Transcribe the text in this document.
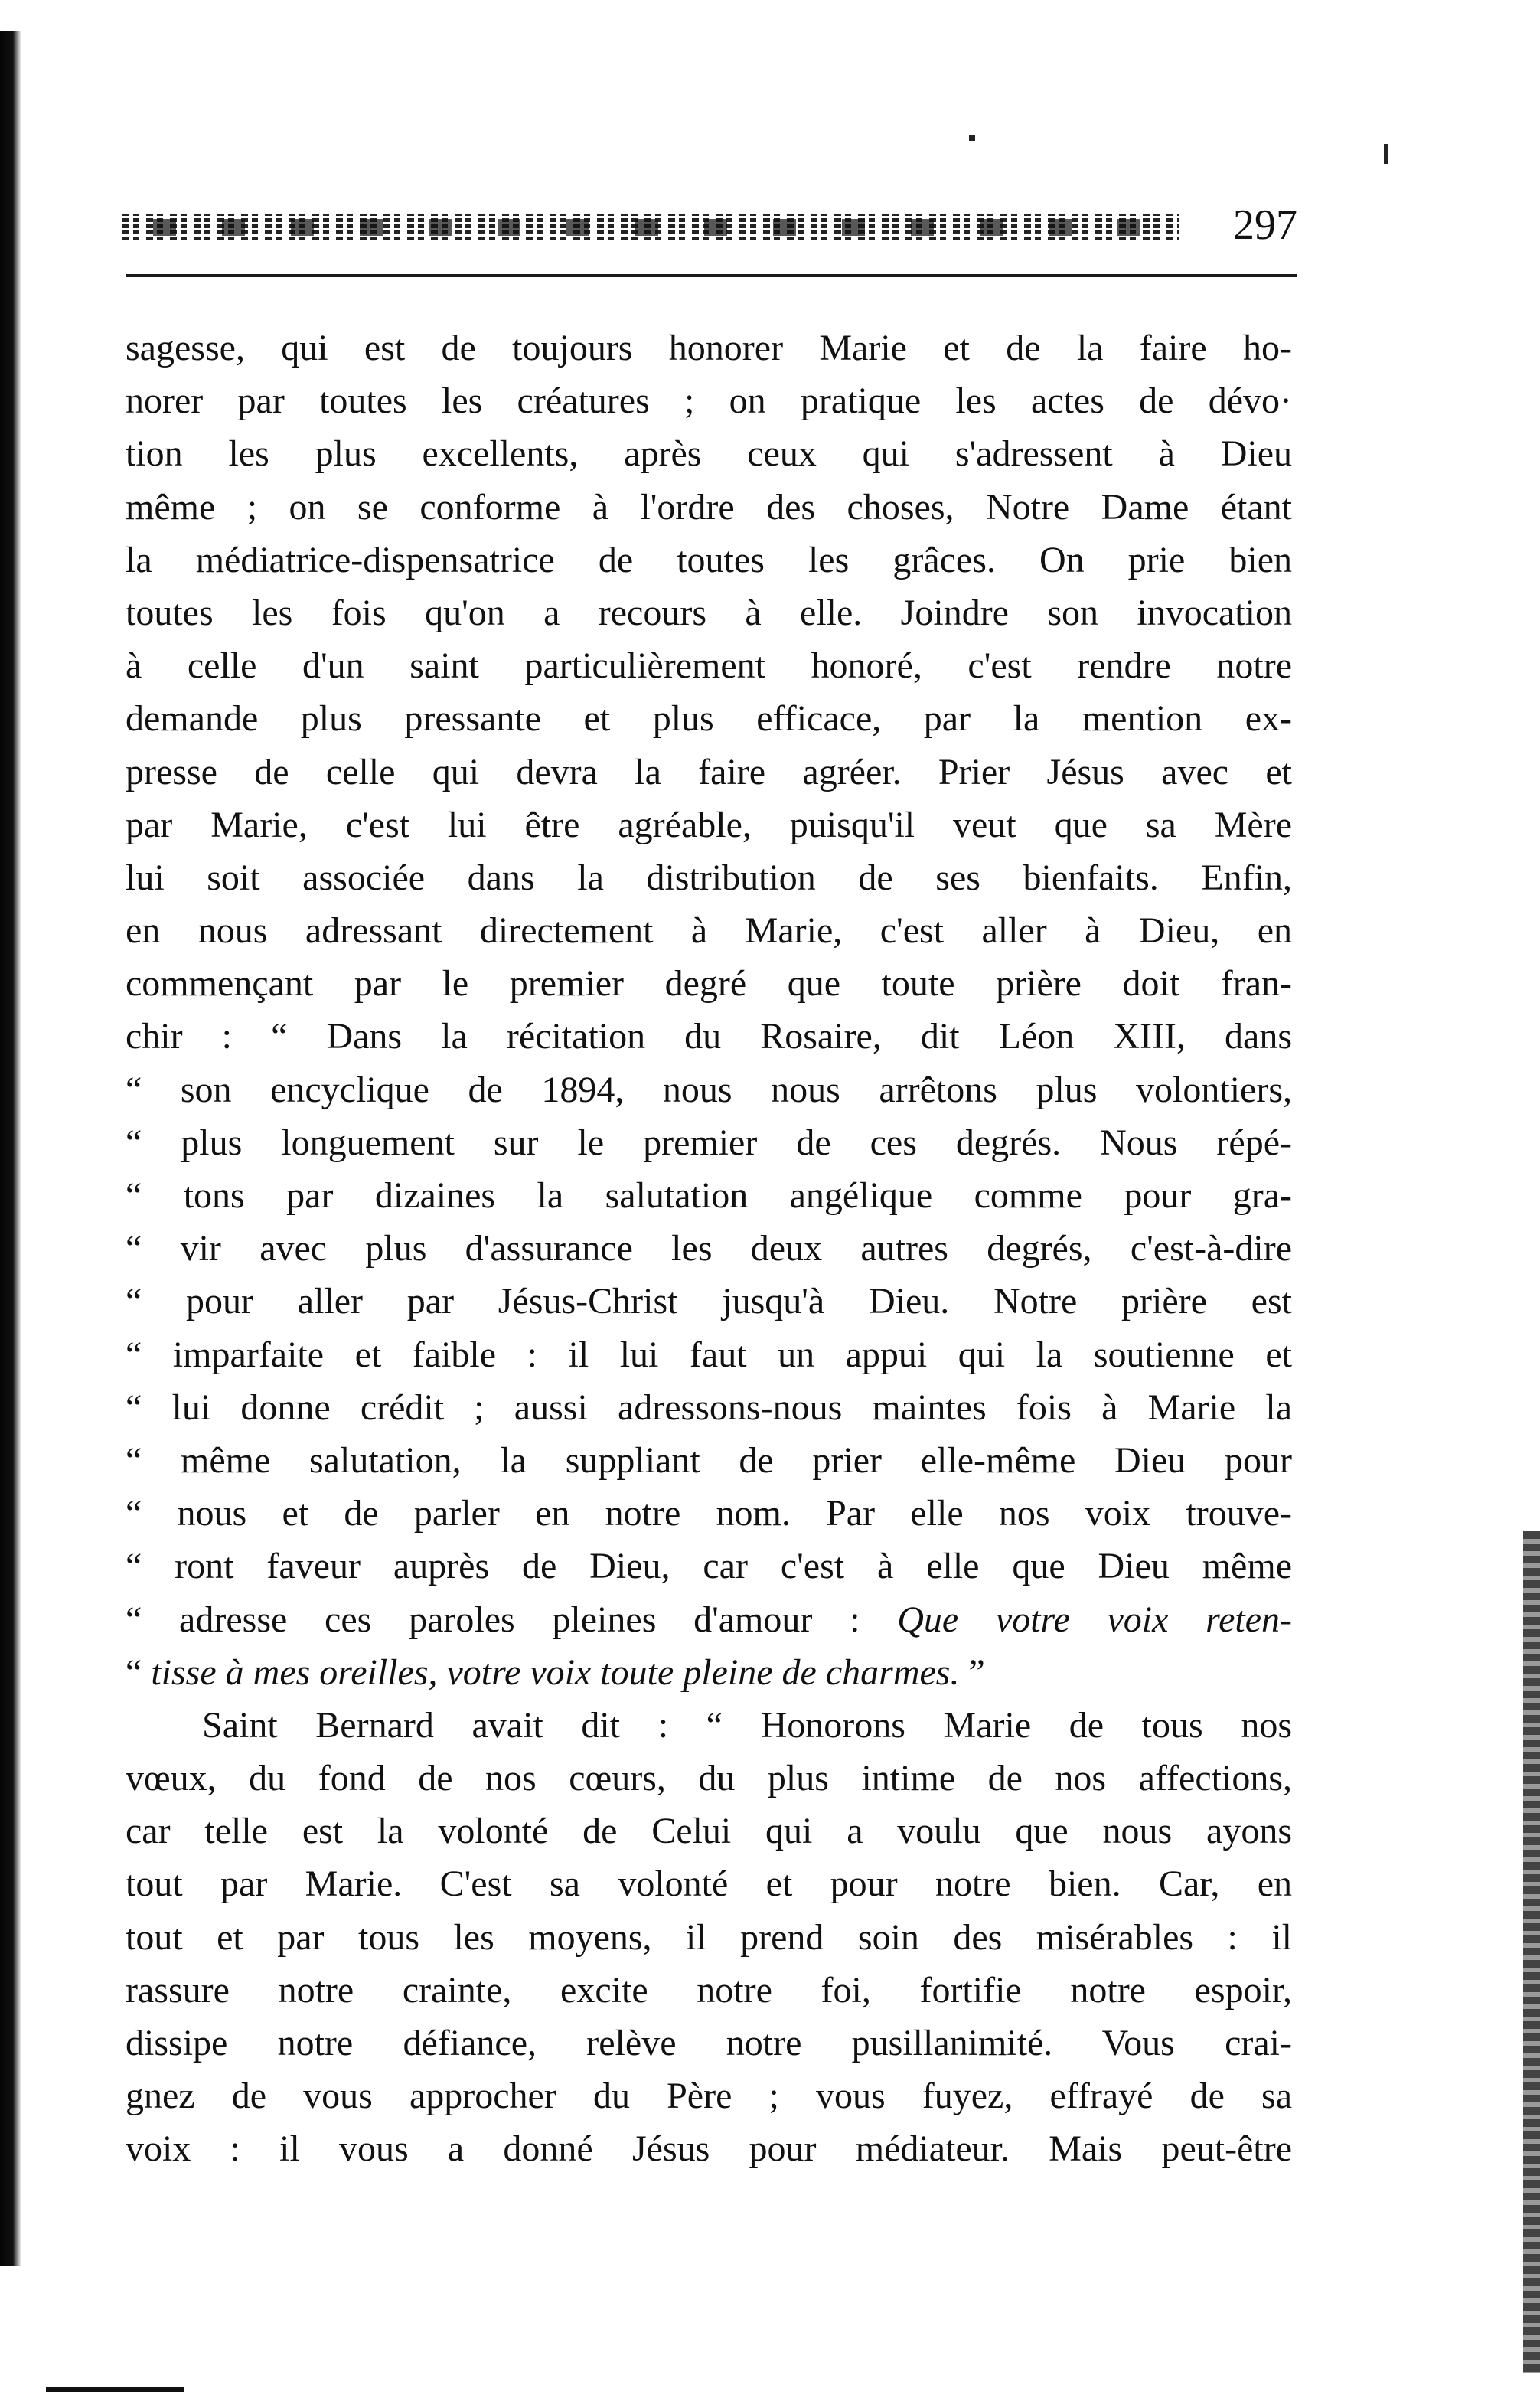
297
sagesse, qui est de toujours honorer Marie et de la faire ho-
norer par toutes les créatures ; on pratique les actes de dévo·
tion les plus excellents, après ceux qui s'adressent à Dieu
même ; on se conforme à l'ordre des choses, Notre Dame étant
la médiatrice-dispensatrice de toutes les grâces. On prie bien
toutes les fois qu'on a recours à elle. Joindre son invocation
à celle d'un saint particulièrement honoré, c'est rendre notre
demande plus pressante et plus efficace, par la mention ex-
presse de celle qui devra la faire agréer. Prier Jésus avec et
par Marie, c'est lui être agréable, puisqu'il veut que sa Mère
lui soit associée dans la distribution de ses bienfaits. Enfin,
en nous adressant directement à Marie, c'est aller à Dieu, en
commençant par le premier degré que toute prière doit fran-
chir : “ Dans la récitation du Rosaire, dit Léon XIII, dans
“ son encyclique de 1894, nous nous arrêtons plus volontiers,
“ plus longuement sur le premier de ces degrés. Nous répé-
“ tons par dizaines la salutation angélique comme pour gra-
“ vir avec plus d'assurance les deux autres degrés, c'est-à-dire
“ pour aller par Jésus-Christ jusqu'à Dieu. Notre prière est
“ imparfaite et faible : il lui faut un appui qui la soutienne et
“ lui donne crédit ; aussi adressons-nous maintes fois à Marie la
“ même salutation, la suppliant de prier elle-même Dieu pour
“ nous et de parler en notre nom. Par elle nos voix trouve-
“ ront faveur auprès de Dieu, car c'est à elle que Dieu même
“ adresse ces paroles pleines d'amour : Que votre voix reten-
“ tisse à mes oreilles, votre voix toute pleine de charmes. ”
Saint Bernard avait dit : “ Honorons Marie de tous nos
vœux, du fond de nos cœurs, du plus intime de nos affections,
car telle est la volonté de Celui qui a voulu que nous ayons
tout par Marie. C'est sa volonté et pour notre bien. Car, en
tout et par tous les moyens, il prend soin des misérables : il
rassure notre crainte, excite notre foi, fortifie notre espoir,
dissipe notre défiance, relève notre pusillanimité. Vous crai-
gnez de vous approcher du Père ; vous fuyez, effrayé de sa
voix : il vous a donné Jésus pour médiateur. Mais peut-être
